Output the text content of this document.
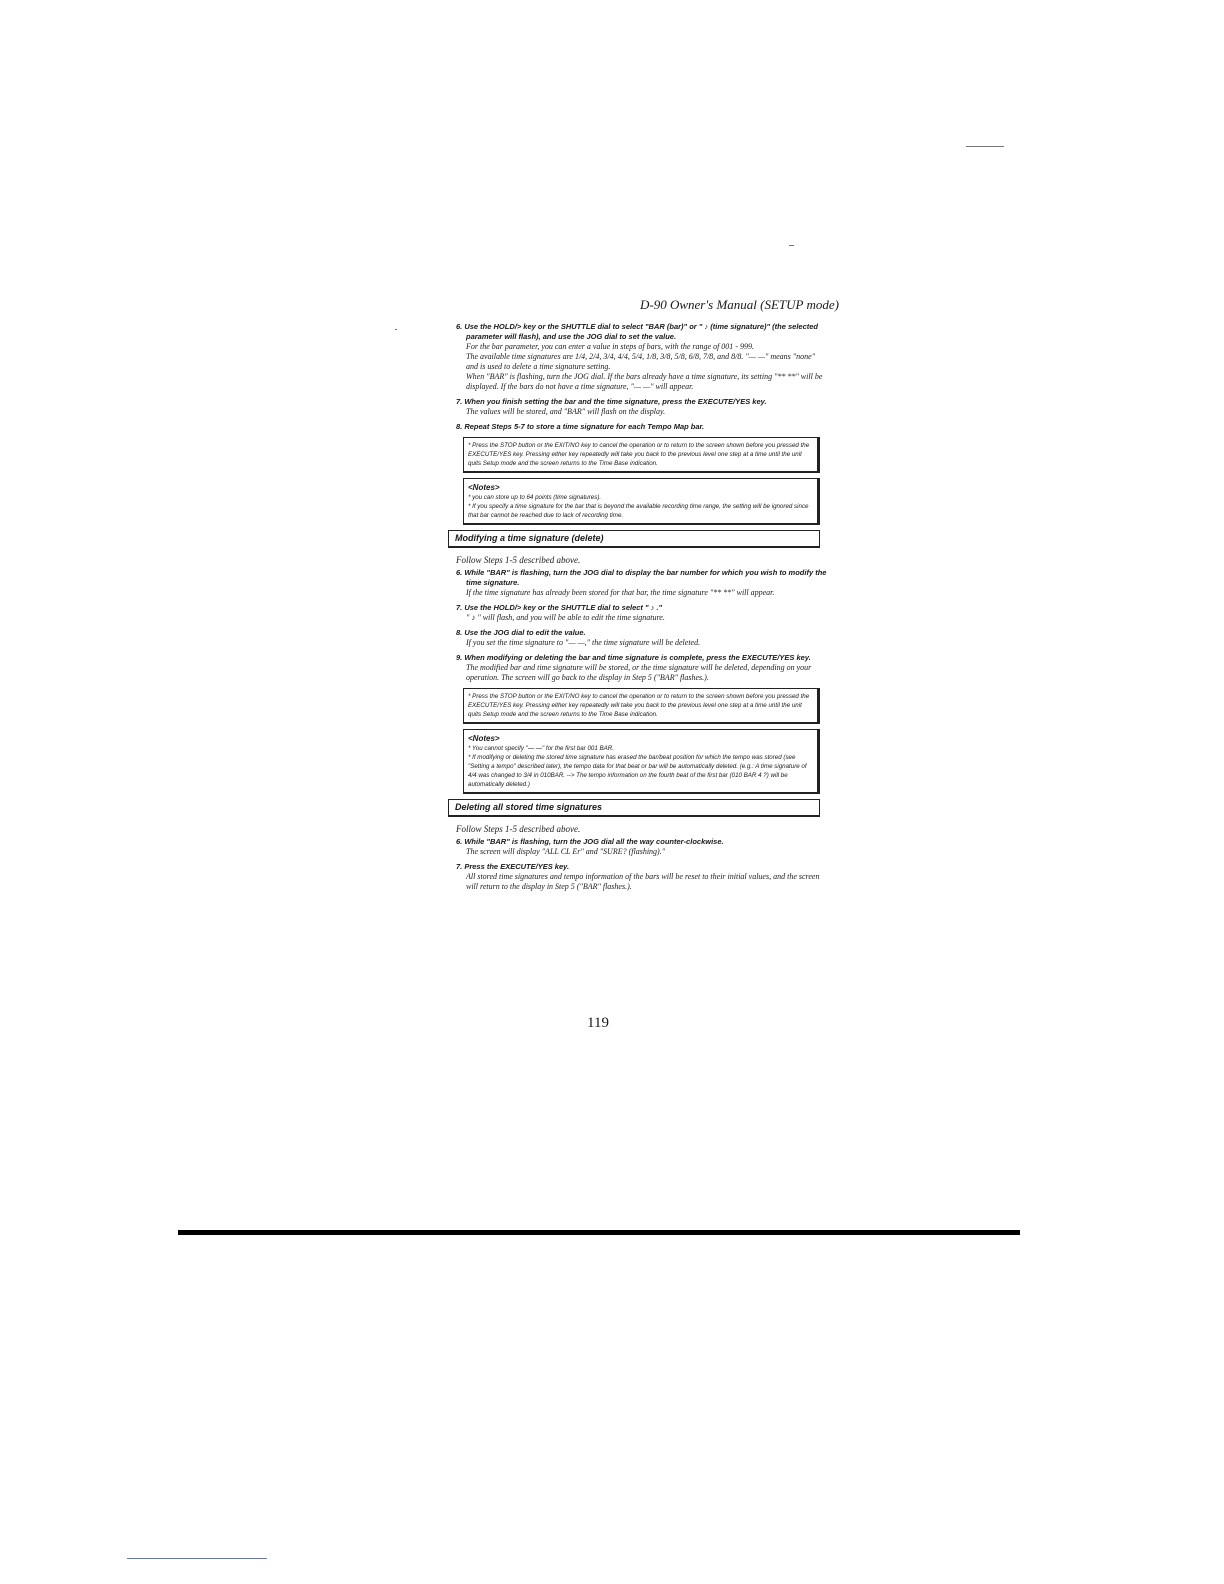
D-90 Owner's Manual (SETUP mode)
6. Use the HOLD/> key or the SHUTTLE dial to select "BAR (bar)" or " ♪ (time signature)" (the selected parameter will flash), and use the JOG dial to set the value.
For the bar parameter, you can enter a value in steps of bars, with the range of 001 - 999.
The available time signatures are 1/4, 2/4, 3/4, 4/4, 5/4, 1/8, 3/8, 5/8, 6/8, 7/8, and 8/8. "— —" means "none" and is used to delete a time signature setting.
When "BAR" is flashing, turn the JOG dial. If the bars already have a time signature, its setting "** **" will be displayed. If the bars do not have a time signature, "— —" will appear.
7. When you finish setting the bar and the time signature, press the EXECUTE/YES key.
The values will be stored, and "BAR" will flash on the display.
8. Repeat Steps 5-7 to store a time signature for each Tempo Map bar.
* Press the STOP button or the EXIT/NO key to cancel the operation or to return to the screen shown before you pressed the EXECUTE/YES key. Pressing either key repeatedly will take you back to the previous level one step at a time until the unit quits Setup mode and the screen returns to the Time Base indication.
<Notes>
* you can store up to 64 points (time signatures).
* If you specify a time signature for the bar that is beyond the available recording time range, the setting will be ignored since that bar cannot be reached due to lack of recording time.
Modifying a time signature (delete)
Follow Steps 1-5 described above.
6. While "BAR" is flashing, turn the JOG dial to display the bar number for which you wish to modify the time signature.
If the time signature has already been stored for that bar, the time signature "** **" will appear.
7. Use the HOLD/> key or the SHUTTLE dial to select " ♪ ."
" ♪ " will flash, and you will be able to edit the time signature.
8. Use the JOG dial to edit the value.
If you set the time signature to "— —," the time signature will be deleted.
9. When modifying or deleting the bar and time signature is complete, press the EXECUTE/YES key.
The modified bar and time signature will be stored, or the time signature will be deleted, depending on your operation. The screen will go back to the display in Step 5 ("BAR" flashes.).
* Press the STOP button or the EXIT/NO key to cancel the operation or to return to the screen shown before you pressed the EXECUTE/YES key. Pressing either key repeatedly will take you back to the previous level one step at a time until the unit quits Setup mode and the screen returns to the Time Base indication.
<Notes>
* You cannot specify "— —" for the first bar 001 BAR.
* If modifying or deleting the stored time signature has erased the bar/beat position for which the tempo was stored (see "Setting a tempo" described later), the tempo data for that beat or bar will be automatically deleted. (e.g.: A time signature of 4/4 was changed to 3/4 in 010BAR. --> The tempo information on the fourth beat of the first bar (010 BAR 4 ?) will be automatically deleted.)
Deleting all stored time signatures
Follow Steps 1-5 described above.
6. While "BAR" is flashing, turn the JOG dial all the way counter-clockwise.
The screen will display "ALL CL Er" and "SURE? (flashing)."
7. Press the EXECUTE/YES key.
All stored time signatures and tempo information of the bars will be reset to their initial values, and the screen will return to the display in Step 5 ("BAR" flashes.).
119
